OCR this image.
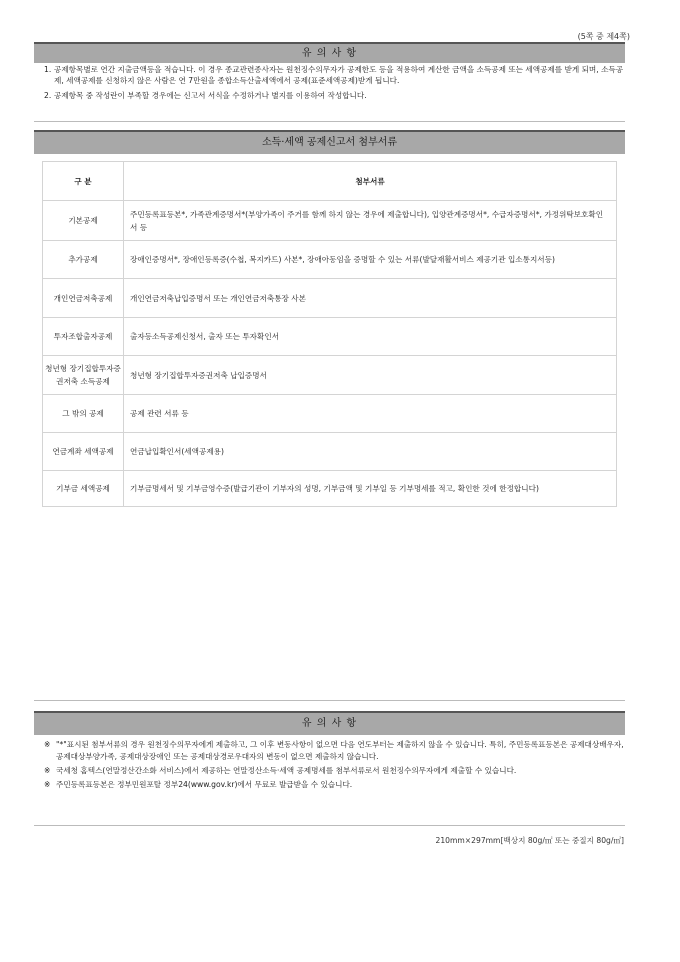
(5쪽 중 제4쪽)
유 의 사 항
1. 공제항목별로 연간 지출금액등을 적습니다. 이 경우 종교관련종사자는 원천징수의무자가 공제한도 등을 적용하여 계산한 금액을 소득공제 또는 세액공제를 받게 되며, 소득공제, 세액공제를 신청하지 않은 사람은 연 7만원을 종합소득산출세액에서 공제(표준세액공제)받게 됩니다.
2. 공제항목 중 작성란이 부족할 경우에는 신고서 서식을 수정하거나 별지를 이용하여 작성합니다.
소득·세액 공제신고서 첨부서류
구 분	첨부서류
기본공제	주민등록표등본*, 가족관계증명서*(부양가족이 주거를 함께 하지 않는 경우에 제출합니다), 입양관계증명서*, 수급자증명서*, 가정위탁보호확인서 등
추가공제	장애인증명서*, 장애인등록증(수첩, 복지카드) 사본*, 장애아동임을 증명할 수 있는 서류(발달재활서비스 제공기관 입소통지서등)
개인연금저축공제	개인연금저축납입증명서 또는 개인연금저축통장 사본
투자조합출자공제	출자등소득공제신청서, 출자 또는 투자확인서
청년형 장기집합투자증권저축 소득공제	청년형 장기집합투자증권저축 납입증명서
그 밖의 공제	공제 관련 서류 등
연금계좌 세액공제	연금납입확인서(세액공제용)
기부금 세액공제	기부금명세서 및 기부금영수증(발급기관이 기부자의 성명, 기부금액 및 기부일 등 기부명세를 적고, 확인한 것에 한정합니다)
유 의 사 항
※ "*"표시된 첨부서류의 경우 원천징수의무자에게 제출하고, 그 이후 변동사항이 없으면 다음 연도부터는 제출하지 않을 수 있습니다. 특히, 주민등록표등본은 공제대상배우자, 공제대상부양가족, 공제대상장애인 또는 공제대상경로우대자의 변동이 없으면 제출하지 않습니다.
※ 국세청 홈텍스(연말정산간소화 서비스)에서 제공하는 연말정산소득·세액 공제명세를 첨부서류로서 원천징수의무자에게 제출할 수 있습니다.
※ 주민등록표등본은 정부민원포탈 정부24(www.gov.kr)에서 무료로 발급받을 수 있습니다.
210mm×297mm[백상지 80g/㎡ 또는 중질지 80g/㎡]
